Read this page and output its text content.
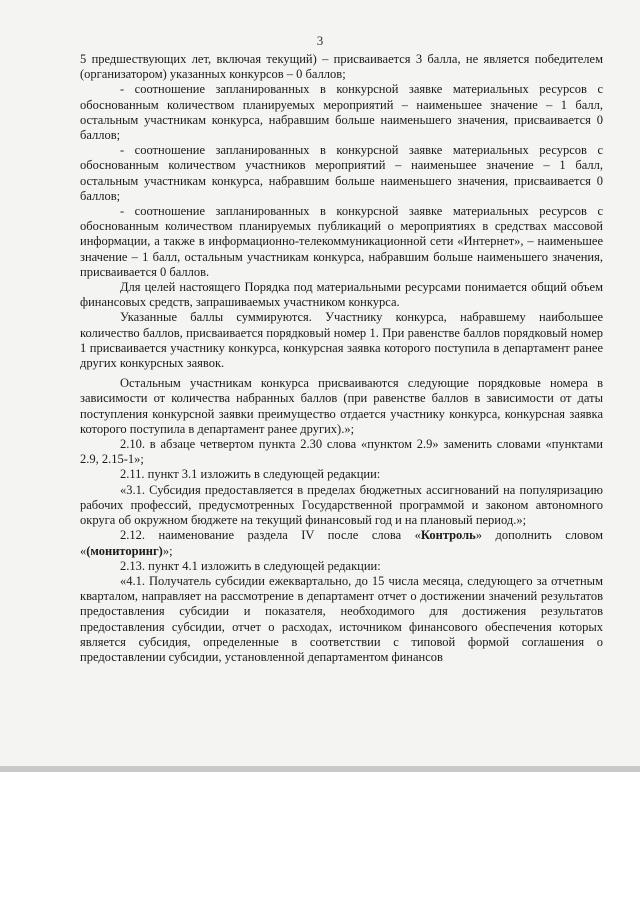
3

5 предшествующих лет, включая текущий) – присваивается 3 балла, не является победителем (организатором) указанных конкурсов – 0 баллов;

- соотношение запланированных в конкурсной заявке материальных ресурсов с обоснованным количеством планируемых мероприятий – наименьшее значение – 1 балл, остальным участникам конкурса, набравшим больше наименьшего значения, присваивается 0 баллов;

- соотношение запланированных в конкурсной заявке материальных ресурсов с обоснованным количеством участников мероприятий – наименьшее значение – 1 балл, остальным участникам конкурса, набравшим больше наименьшего значения, присваивается 0 баллов;

- соотношение запланированных в конкурсной заявке материальных ресурсов с обоснованным количеством планируемых публикаций о мероприятиях в средствах массовой информации, а также в информационно-телекоммуникационной сети «Интернет», – наименьшее значение – 1 балл, остальным участникам конкурса, набравшим больше наименьшего значения, присваивается 0 баллов.

Для целей настоящего Порядка под материальными ресурсами понимается общий объем финансовых средств, запрашиваемых участником конкурса.

Указанные баллы суммируются. Участнику конкурса, набравшему наибольшее количество баллов, присваивается порядковый номер 1. При равенстве баллов порядковый номер 1 присваивается участнику конкурса, конкурсная заявка которого поступила в департамент ранее других конкурсных заявок.

Остальным участникам конкурса присваиваются следующие порядковые номера в зависимости от количества набранных баллов (при равенстве баллов в зависимости от даты поступления конкурсной заявки преимущество отдается участнику конкурса, конкурсная заявка которого поступила в департамент ранее других).»;

2.10. в абзаце четвертом пункта 2.30 слова «пунктом 2.9» заменить словами «пунктами 2.9, 2.15-1»;

2.11. пункт 3.1 изложить в следующей редакции:

«3.1. Субсидия предоставляется в пределах бюджетных ассигнований на популяризацию рабочих профессий, предусмотренных Государственной программой и законом автономного округа об окружном бюджете на текущий финансовый год и на плановый период.»;

2.12. наименование раздела IV после слова «Контроль» дополнить словом «(мониторинг)»;

2.13. пункт 4.1 изложить в следующей редакции:

«4.1. Получатель субсидии ежеквартально, до 15 числа месяца, следующего за отчетным кварталом, направляет на рассмотрение в департамент отчет о достижении значений результатов предоставления субсидии и показателя, необходимого для достижения результатов предоставления субсидии, отчет о расходах, источником финансового обеспечения которых является субсидия, определенные в соответствии с типовой формой соглашения о предоставлении субсидии, установленной департаментом финансов
